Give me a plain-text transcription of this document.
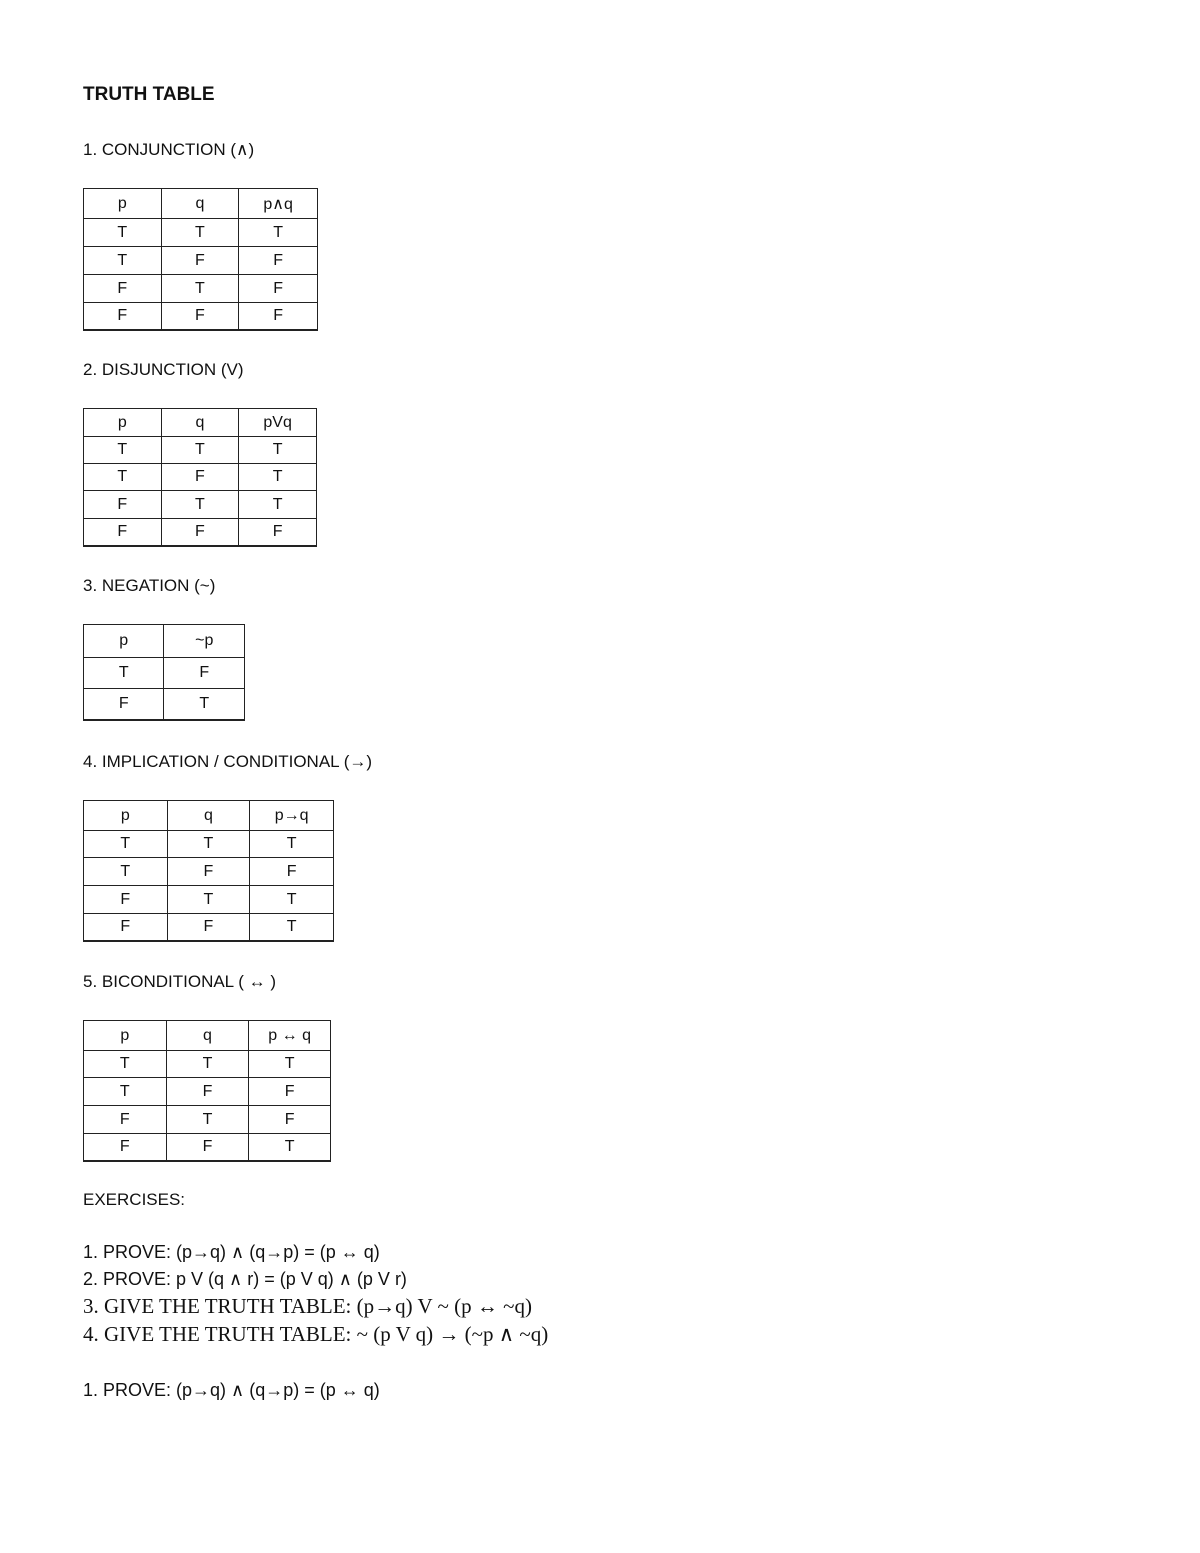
TRUTH TABLE
1. CONJUNCTION (∧)
p	q	p∧q
T	T	T
T	F	F
F	T	F
F	F	F
2. DISJUNCTION (V)
p	q	pVq
T	T	T
T	F	T
F	T	T
F	F	F
3. NEGATION (~)
p	~p
T	F
F	T
4. IMPLICATION / CONDITIONAL (→)
p	q	p→q
T	T	T
T	F	F
F	T	T
F	F	T
5. BICONDITIONAL ( ↔ )
p	q	p ↔ q
T	T	T
T	F	F
F	T	F
F	F	T
EXERCISES:
1. PROVE: (p→q) ∧ (q→p) = (p ↔ q)
2. PROVE: p V (q ∧ r) = (p V q) ∧ (p V r)
3. GIVE THE TRUTH TABLE: (p→q) V ~ (p ↔ ~q)
4. GIVE THE TRUTH TABLE: ~ (p V q) → (~p ∧ ~q)
1. PROVE: (p→q) ∧ (q→p) = (p ↔ q)
